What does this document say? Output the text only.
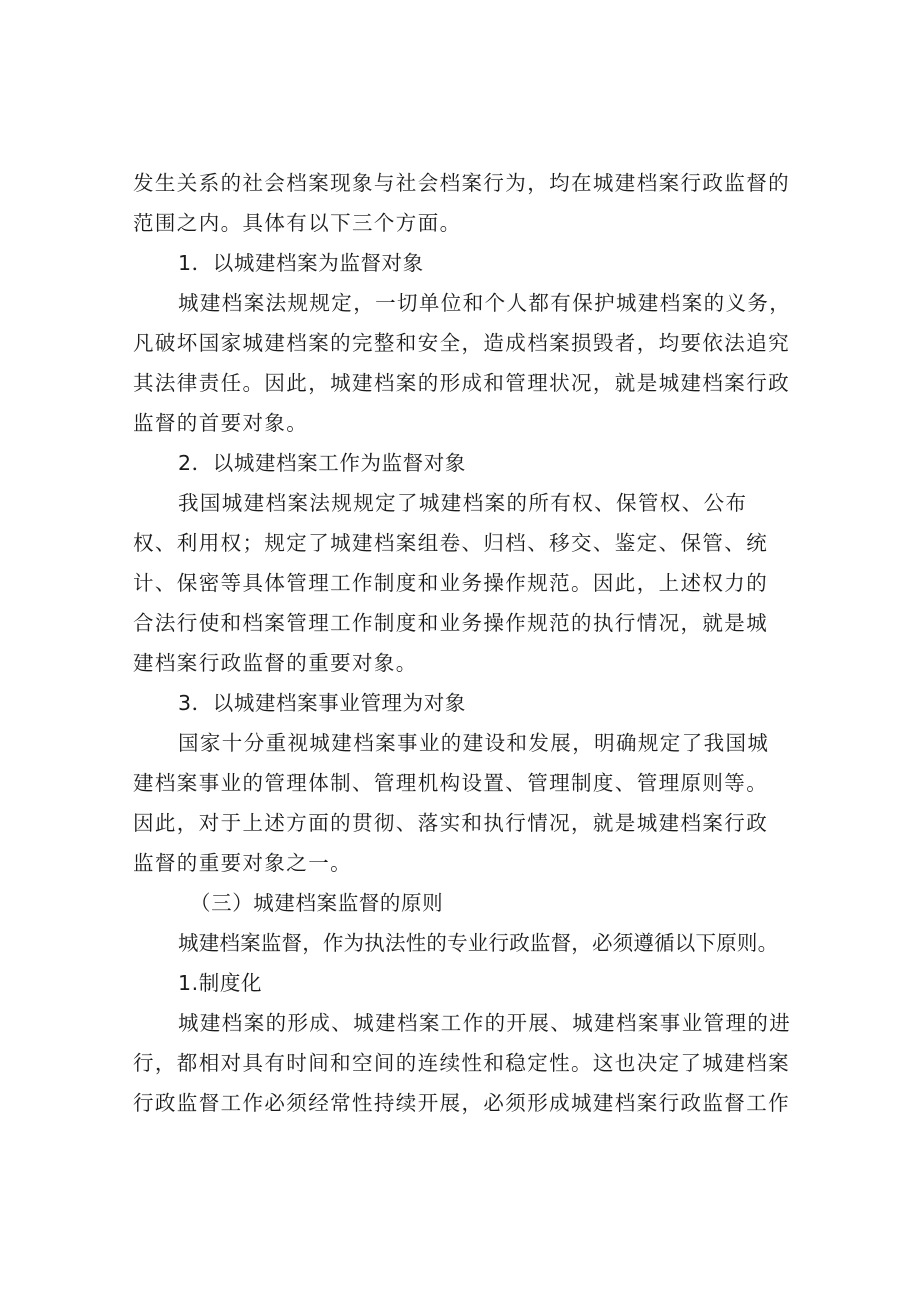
发生关系的社会档案现象与社会档案行为，均在城建档案行政监督的
范围之内。具体有以下三个方面。
1．以城建档案为监督对象
城建档案法规规定，一切单位和个人都有保护城建档案的义务，
凡破坏国家城建档案的完整和安全，造成档案损毁者，均要依法追究
其法律责任。因此，城建档案的形成和管理状况，就是城建档案行政
监督的首要对象。
2．以城建档案工作为监督对象
我国城建档案法规规定了城建档案的所有权、保管权、公布
权、利用权；规定了城建档案组卷、归档、移交、鉴定、保管、统
计、保密等具体管理工作制度和业务操作规范。因此，上述权力的
合法行使和档案管理工作制度和业务操作规范的执行情况，就是城
建档案行政监督的重要对象。
3．以城建档案事业管理为对象
国家十分重视城建档案事业的建设和发展，明确规定了我国城
建档案事业的管理体制、管理机构设置、管理制度、管理原则等。
因此，对于上述方面的贯彻、落实和执行情况，就是城建档案行政
监督的重要对象之一。
（三）城建档案监督的原则
城建档案监督，作为执法性的专业行政监督，必须遵循以下原则。
1.制度化
城建档案的形成、城建档案工作的开展、城建档案事业管理的进
行，都相对具有时间和空间的连续性和稳定性。这也决定了城建档案
行政监督工作必须经常性持续开展，必须形成城建档案行政监督工作
